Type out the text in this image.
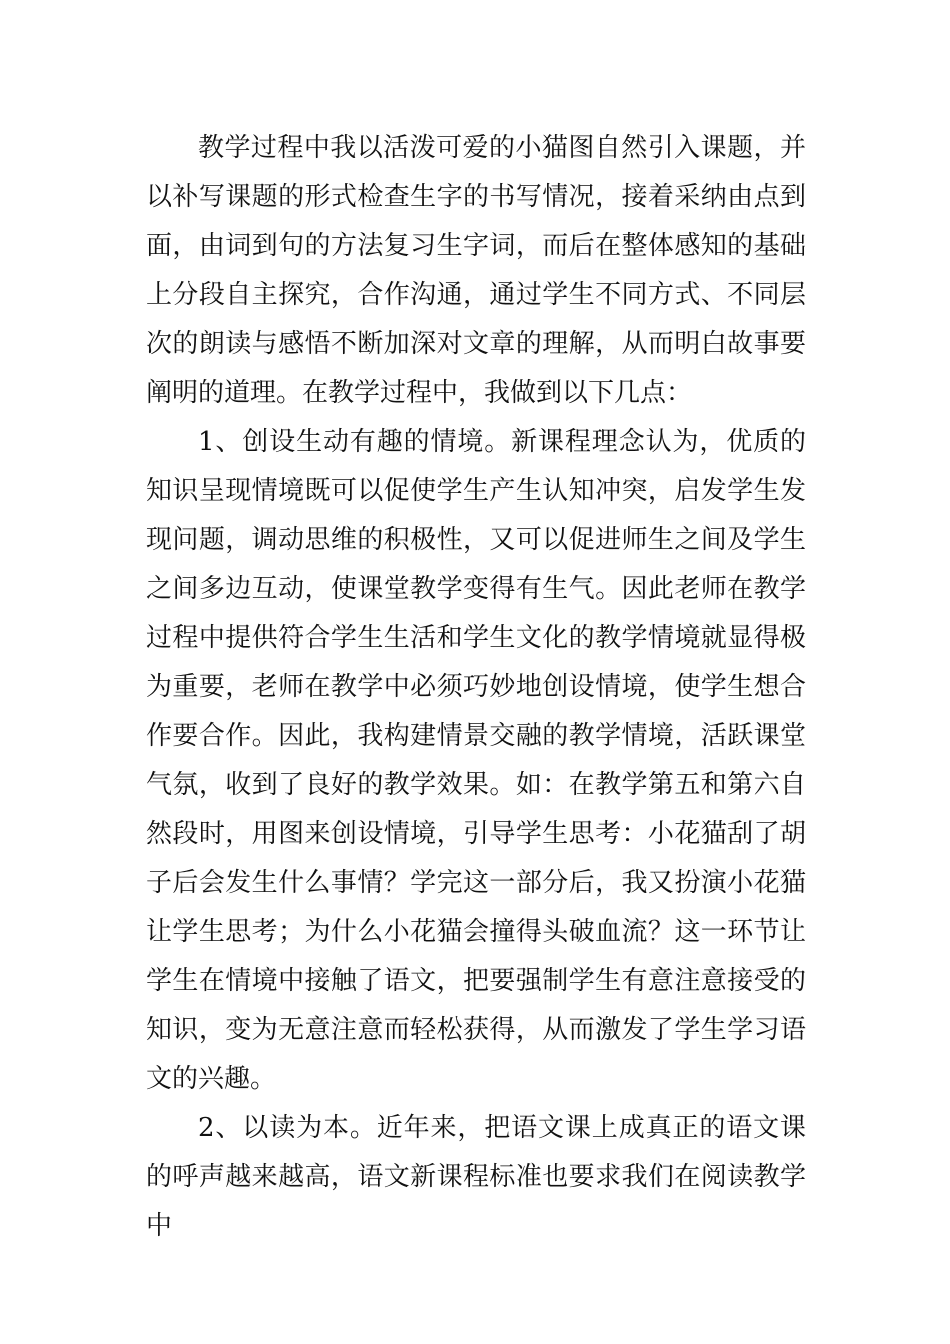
教学过程中我以活泼可爱的小猫图自然引入课题，并以补写课题的形式检查生字的书写情况，接着采纳由点到面，由词到句的方法复习生字词，而后在整体感知的基础上分段自主探究，合作沟通，通过学生不同方式、不同层次的朗读与感悟不断加深对文章的理解，从而明白故事要阐明的道理。在教学过程中，我做到以下几点：

1、创设生动有趣的情境。新课程理念认为，优质的知识呈现情境既可以促使学生产生认知冲突，启发学生发现问题，调动思维的积极性，又可以促进师生之间及学生之间多边互动，使课堂教学变得有生气。因此老师在教学过程中提供符合学生生活和学生文化的教学情境就显得极为重要，老师在教学中必须巧妙地创设情境，使学生想合作要合作。因此，我构建情景交融的教学情境，活跃课堂气氛，收到了良好的教学效果。如：在教学第五和第六自然段时，用图来创设情境，引导学生思考：小花猫刮了胡子后会发生什么事情？学完这一部分后，我又扮演小花猫让学生思考；为什么小花猫会撞得头破血流？这一环节让学生在情境中接触了语文，把要强制学生有意注意接受的知识，变为无意注意而轻松获得，从而激发了学生学习语文的兴趣。

2、以读为本。近年来，把语文课上成真正的语文课的呼声越来越高，语文新课程标准也要求我们在阅读教学中
